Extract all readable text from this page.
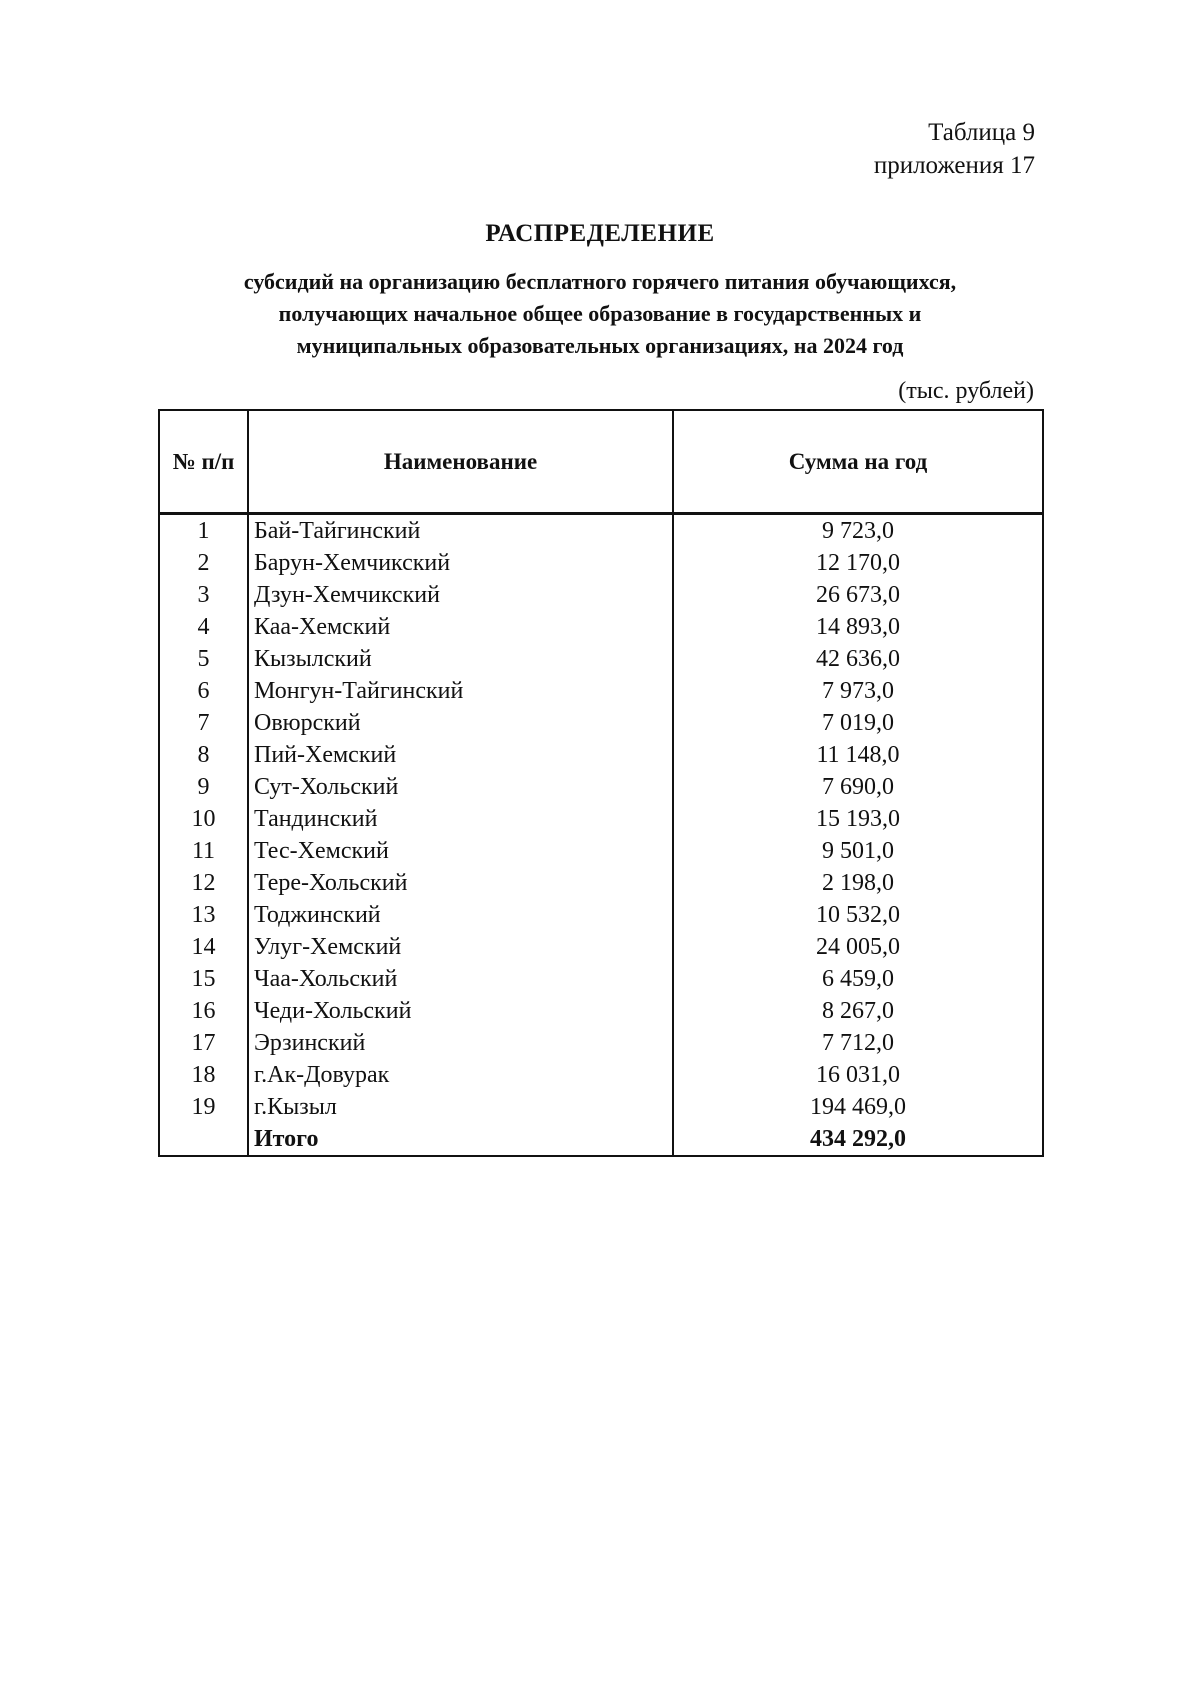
Таблица 9
приложения 17
РАСПРЕДЕЛЕНИЕ
субсидий на организацию бесплатного горячего питания обучающихся,
получающих начальное общее образование в государственных и
муниципальных образовательных организациях, на 2024 год
(тыс. рублей)
№ п/п	Наименование	Сумма на год
1	Бай-Тайгинский	9 723,0
2	Барун-Хемчикский	12 170,0
3	Дзун-Хемчикский	26 673,0
4	Каа-Хемский	14 893,0
5	Кызылский	42 636,0
6	Монгун-Тайгинский	7 973,0
7	Овюрский	7 019,0
8	Пий-Хемский	11 148,0
9	Сут-Хольский	7 690,0
10	Тандинский	15 193,0
11	Тес-Хемский	9 501,0
12	Тере-Хольский	2 198,0
13	Тоджинский	10 532,0
14	Улуг-Хемский	24 005,0
15	Чаа-Хольский	6 459,0
16	Чеди-Хольский	8 267,0
17	Эрзинский	7 712,0
18	г.Ак-Довурак	16 031,0
19	г.Кызыл	194 469,0
	Итого	434 292,0
